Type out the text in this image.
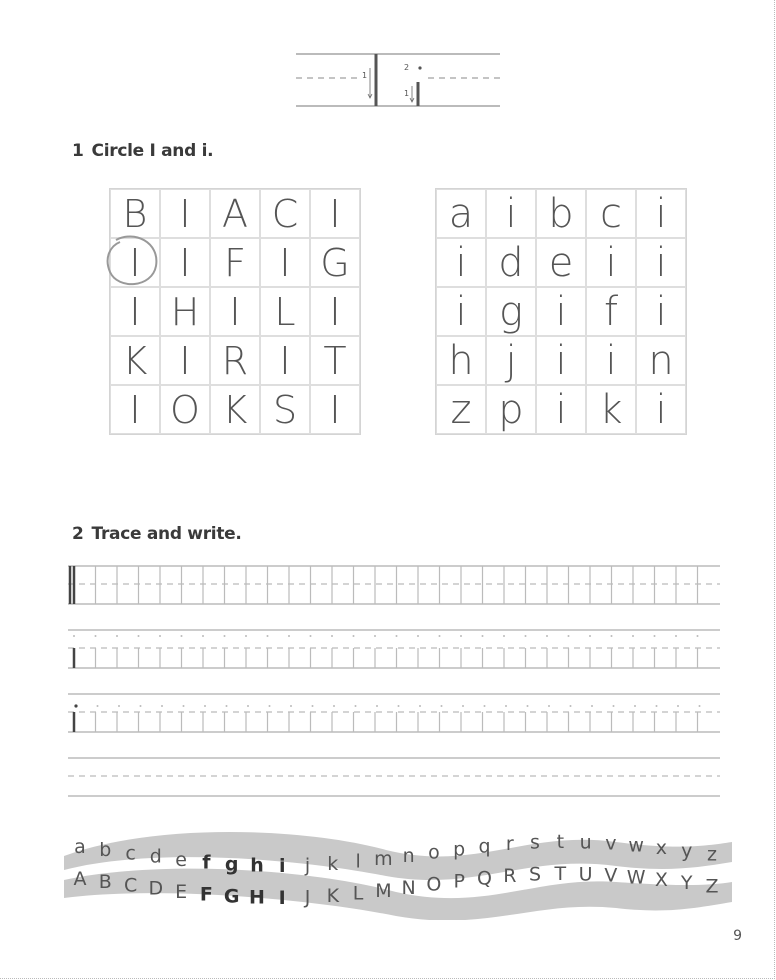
1
1
2
1 Circle I and i.
B I A C I
I	I F I G
I H I L I
K I R I T
I O K S I
a i b c i
i d e i i
i g i f i
h j i i n
z p i k i
2 Trace and write.
a b c d e f g h i j k l m n o p q r s t u v w x y z
A B C D E F G H I J K L M N O P Q R S T U V W X Y Z
9
